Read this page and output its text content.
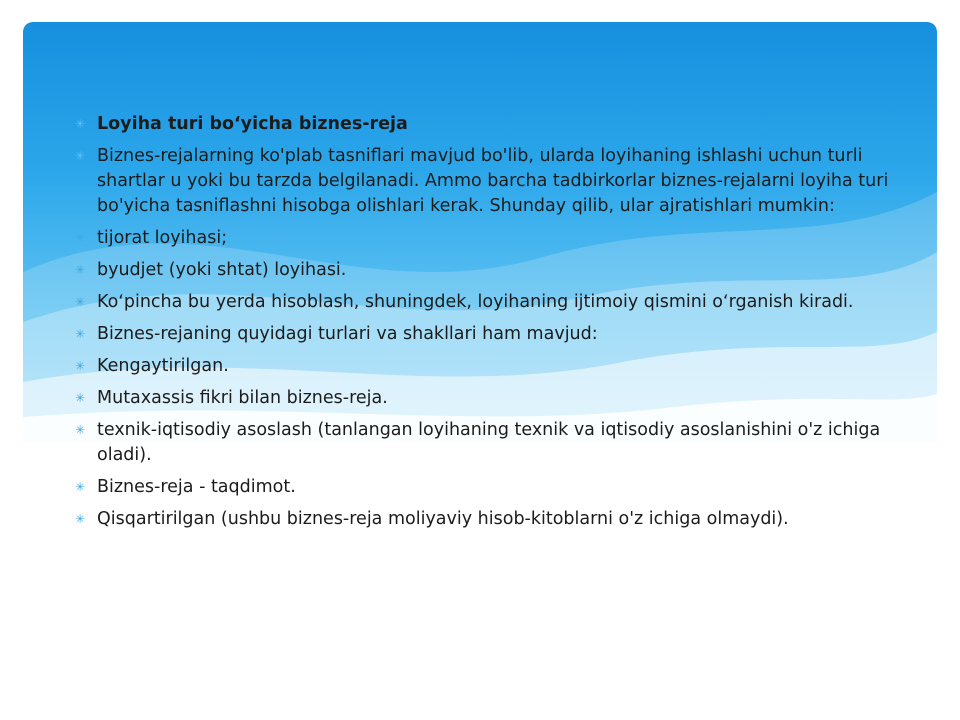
✳ Loyiha turi boʻyicha biznes-reja
✳ Biznes-rejalarning ko'plab tasniflari mavjud bo'lib, ularda loyihaning ishlashi uchun turli shartlar u yoki bu tarzda belgilanadi. Ammo barcha tadbirkorlar biznes-rejalarni loyiha turi bo'yicha tasniflashni hisobga olishlari kerak. Shunday qilib, ular ajratishlari mumkin:
✳ tijorat loyihasi;
✳ byudjet (yoki shtat) loyihasi.
✳ Koʻpincha bu yerda hisoblash, shuningdek, loyihaning ijtimoiy qismini oʻrganish kiradi.
✳ Biznes-rejaning quyidagi turlari va shakllari ham mavjud:
✳ Kengaytirilgan.
✳ Mutaxassis fikri bilan biznes-reja.
✳ texnik-iqtisodiy asoslash (tanlangan loyihaning texnik va iqtisodiy asoslanishini o'z ichiga oladi).
✳ Biznes-reja - taqdimot.
✳ Qisqartirilgan (ushbu biznes-reja moliyaviy hisob-kitoblarni o'z ichiga olmaydi).
